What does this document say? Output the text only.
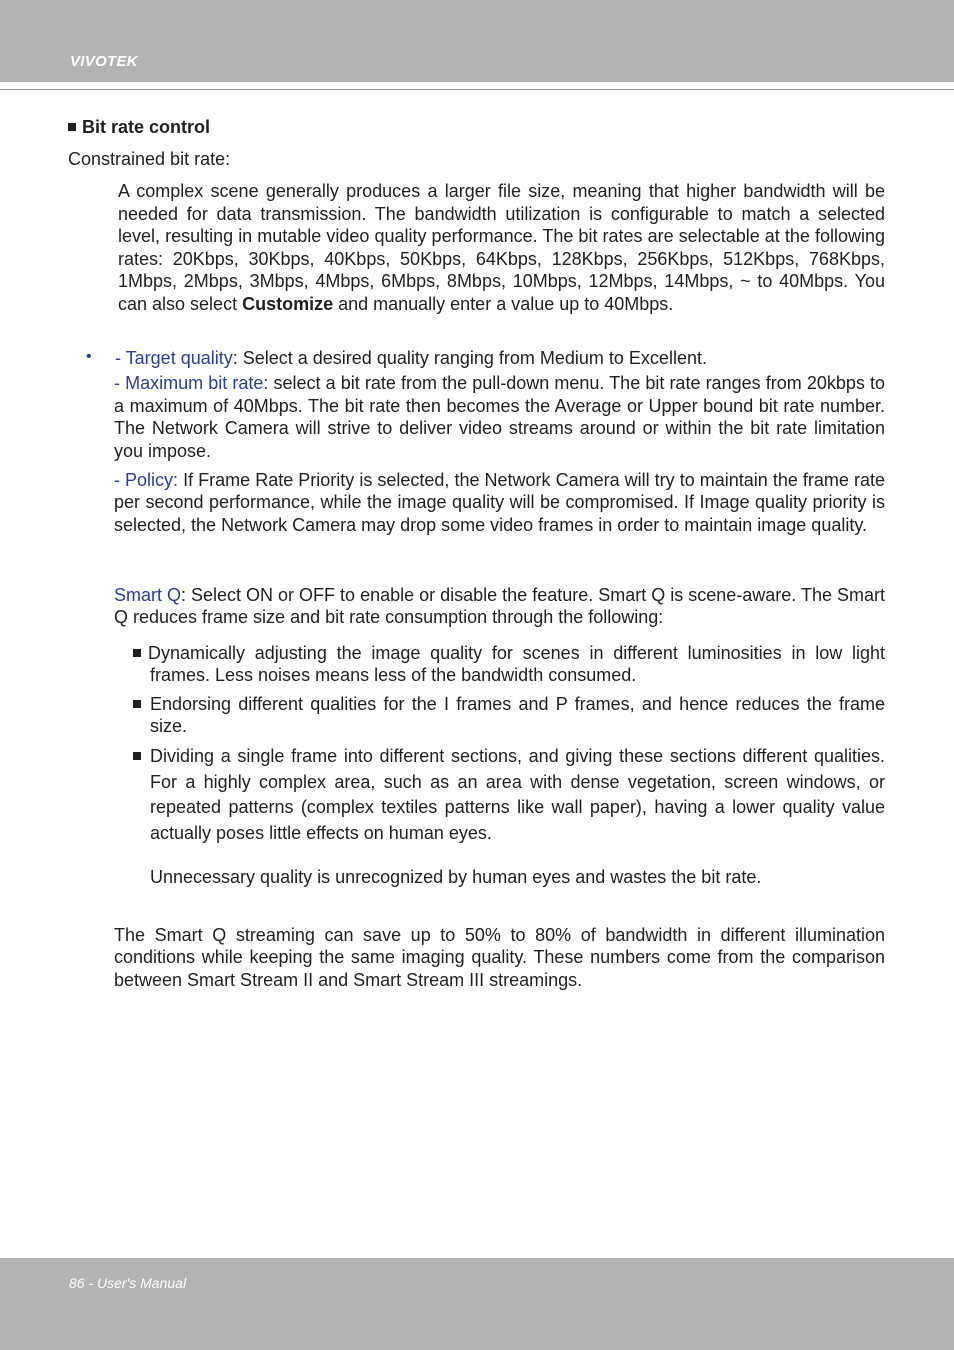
VIVOTEK
Bit rate control
Constrained bit rate:

A complex scene generally produces a larger file size, meaning that higher bandwidth will be needed for data transmission. The bandwidth utilization is configurable to match a selected level, resulting in mutable video quality performance. The bit rates are selectable at the following rates: 20Kbps, 30Kbps, 40Kbps, 50Kbps, 64Kbps, 128Kbps, 256Kbps, 512Kbps, 768Kbps, 1Mbps, 2Mbps, 3Mbps, 4Mbps, 6Mbps, 8Mbps, 10Mbps, 12Mbps, 14Mbps, ~ to 40Mbps. You can also select Customize and manually enter a value up to 40Mbps.

• - Target quality: Select a desired quality ranging from Medium to Excellent.

- Maximum bit rate: select a bit rate from the pull-down menu. The bit rate ranges from 20kbps to a maximum of 40Mbps. The bit rate then becomes the Average or Upper bound bit rate number. The Network Camera will strive to deliver video streams around or within the bit rate limitation you impose.

- Policy: If Frame Rate Priority is selected, the Network Camera will try to maintain the frame rate per second performance, while the image quality will be compromised. If Image quality priority is selected, the Network Camera may drop some video frames in order to maintain image quality.

Smart Q: Select ON or OFF to enable or disable the feature. Smart Q is scene-aware. The Smart Q reduces frame size and bit rate consumption through the following:

Dynamically adjusting the image quality for scenes in different luminosities in low light frames. Less noises means less of the bandwidth consumed.

Endorsing different qualities for the I frames and P frames, and hence reduces the frame size.

Dividing a single frame into different sections, and giving these sections different qualities. For a highly complex area, such as an area with dense vegetation, screen windows, or repeated patterns (complex textiles patterns like wall paper), having a lower quality value actually poses little effects on human eyes.

Unnecessary quality is unrecognized by human eyes and wastes the bit rate.

The Smart Q streaming can save up to 50% to 80% of bandwidth in different illumination conditions while keeping the same imaging quality. These numbers come from the comparison between Smart Stream II and Smart Stream III streamings.

86 - User's Manual
